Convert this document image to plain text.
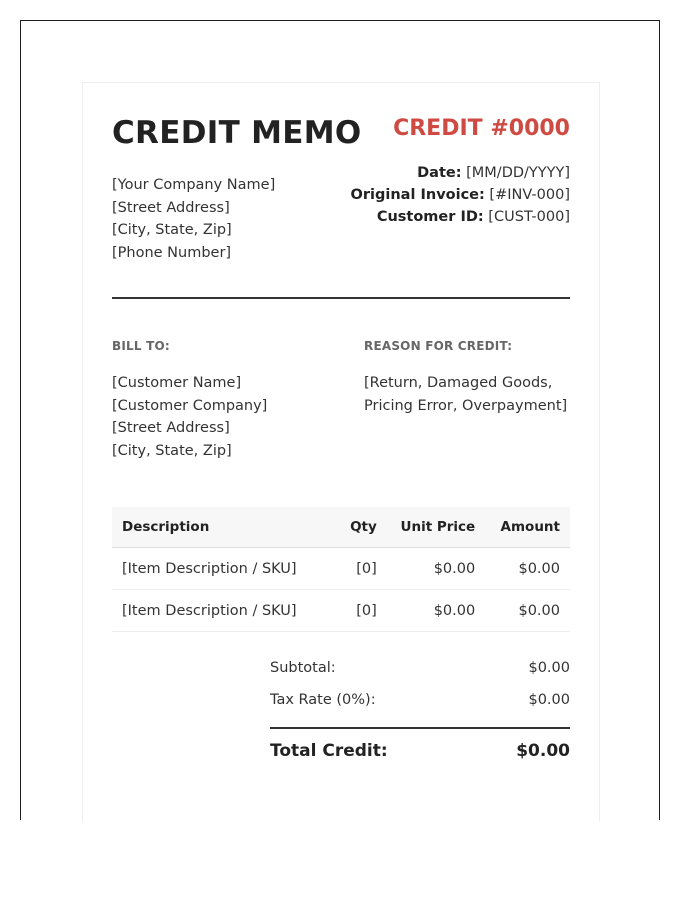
CREDIT MEMO CREDIT #0000
[Your Company Name]
[Street Address]
[City, State, Zip]
[Phone Number]
Date: [MM/DD/YYYY]
Original Invoice: [#INV-000]
Customer ID: [CUST-000]
BILL TO:	REASON FOR CREDIT:
[Customer Name]
[Customer Company]
[Street Address]
[City, State, Zip]
[Return, Damaged Goods, Pricing Error, Overpayment]
Description	Qty	Unit Price	Amount
[Item Description / SKU]	[0]	$0.00	$0.00
[Item Description / SKU]	[0]	$0.00	$0.00
Subtotal:	$0.00
Tax Rate (0%):	$0.00
Total Credit:	$0.00
